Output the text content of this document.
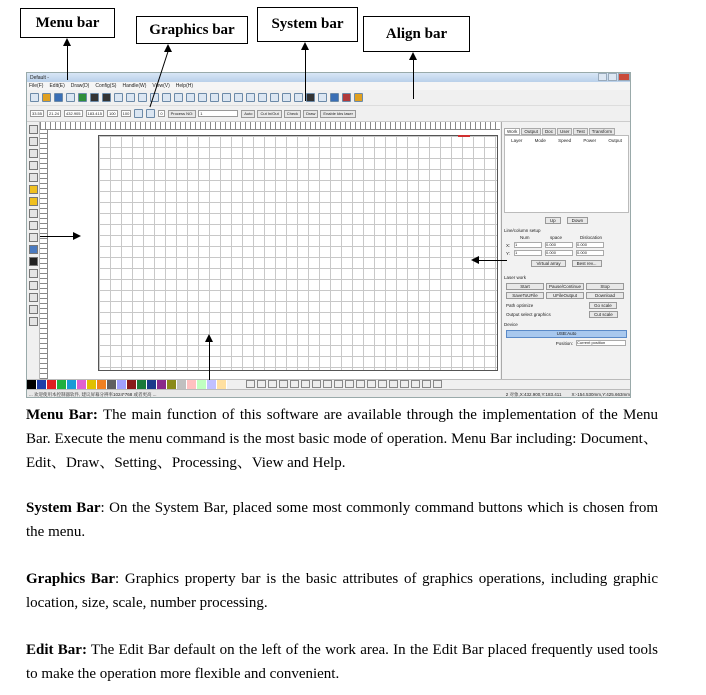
Menu bar	Graphics bar	System bar
Align bar
Default -
File(F) Edit(E) Draw(D) Config(S) Handle(W) View(V) Help(H)
33.55	21.24	432.905	183.415	100	100	0	Process NO:	1	Auto	Cut In/Out	Check	Draw	Enable kbs laser
Work	Output	Doc	User	Test	Transform
Layer	Mode	Speed	Power	Output
Up	Down
Line/column setup
Num	space	Dislocation
X:	1	0.000	0.000
Y:	1	0.000	0.000
Virtual array	Best rev...
Laser work
Start	Pause/Continue	Stop
SaveToUFile	UFileOutput	Download
Path optimize	Go scale
Output select graphics	Cut scale
Device
USB:Auto
Position: Current position
... 欢迎使用本控制器软件, 建议屏幕分辨率1024*768 或者更高 ...	2 对象,X:432.900,Y:183.411 X:-154.530mm,Y:425.663mm
Menu Bar: The main function of this software are available through the implementation of the Menu Bar. Execute the menu command is the most basic mode of operation. Menu Bar including: Document、Edit、Draw、Setting、Processing、View and Help.
System Bar: On the System Bar, placed some most commonly command buttons which is chosen from the menu.
Graphics Bar: Graphics property bar is the basic attributes of graphics operations, including graphic location, size, scale, number processing.
Edit Bar: The Edit Bar default on the left of the work area. In the Edit Bar placed frequently used tools to make the operation more flexible and convenient.
